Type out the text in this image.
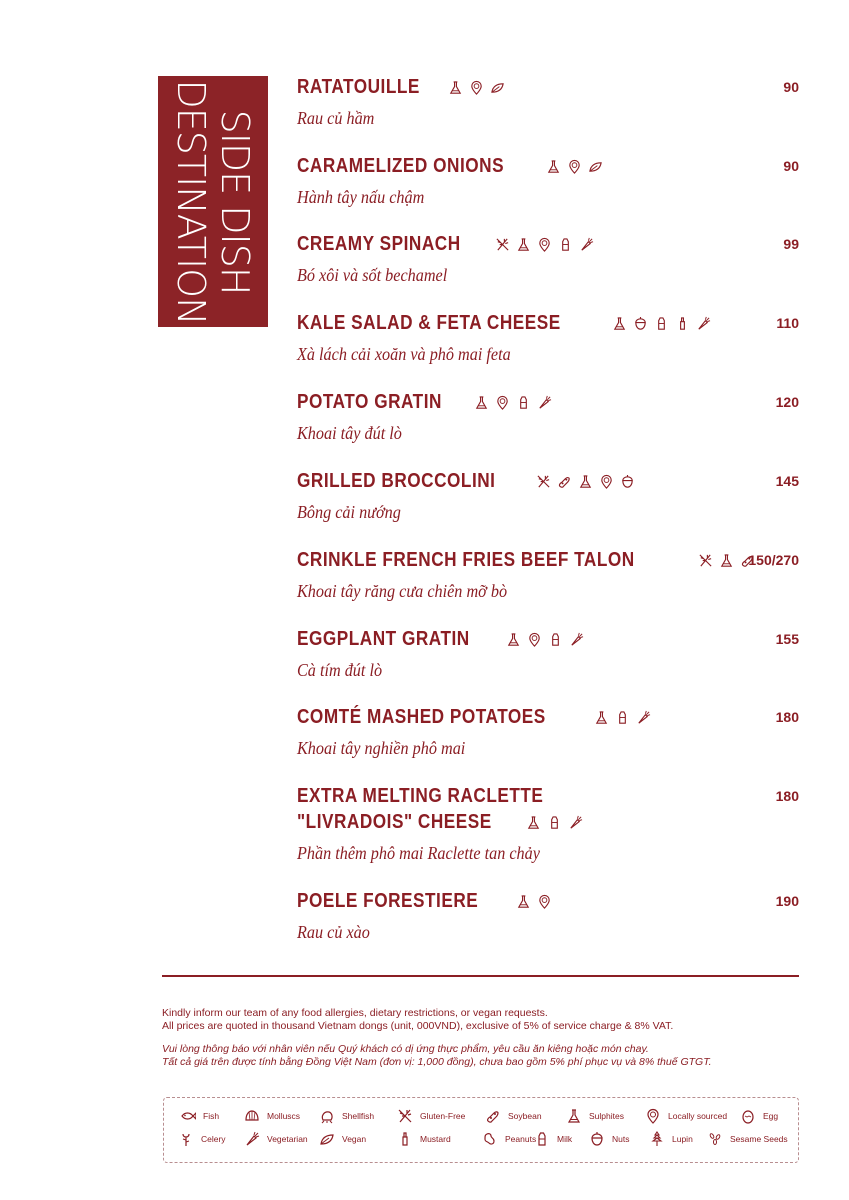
SIDE DISH
DESTINATION	RATATOUILLE	90
Rau củ hầm
CARAMELIZED ONIONS	90
Hành tây nấu chậm
CREAMY SPINACH	99
Bó xôi và sốt bechamel
KALE SALAD & FETA CHEESE	110
Xà lách cải xoăn và phô mai feta
POTATO GRATIN	120
Khoai tây đút lò
GRILLED BROCCOLINI	145
Bông cải nướng
CRINKLE FRENCH FRIES BEEF TALON	150/270
Khoai tây răng cưa chiên mỡ bò
EGGPLANT GRATIN	155
Cà tím đút lò
COMTÉ MASHED POTATOES	180
Khoai tây nghiền phô mai
EXTRA MELTING RACLETTE
"LIVRADOIS" CHEESE
180
Phần thêm phô mai Raclette tan chảy
POELE FORESTIERE	190
Rau củ xào
Kindly inform our team of any food allergies, dietary restrictions, or vegan requests.
All prices are quoted in thousand Vietnam dongs (unit, 000VND), exclusive of 5% of service charge & 8% VAT.
Vui lòng thông báo với nhân viên nếu Quý khách có dị ứng thực phẩm, yêu cầu ăn kiêng hoặc món chay.
Tất cả giá trên được tính bằng Đồng Việt Nam (đơn vị: 1,000 đồng), chưa bao gồm 5% phí phục vụ và 8% thuế GTGT.
Fish	Molluscs	Shellfish	Gluten-Free	Soybean	Sulphites	Locally sourced	Egg
Celery	Vegetarian	Vegan	Mustard	Peanuts Milk	Nuts	Lupin	Sesame Seeds
